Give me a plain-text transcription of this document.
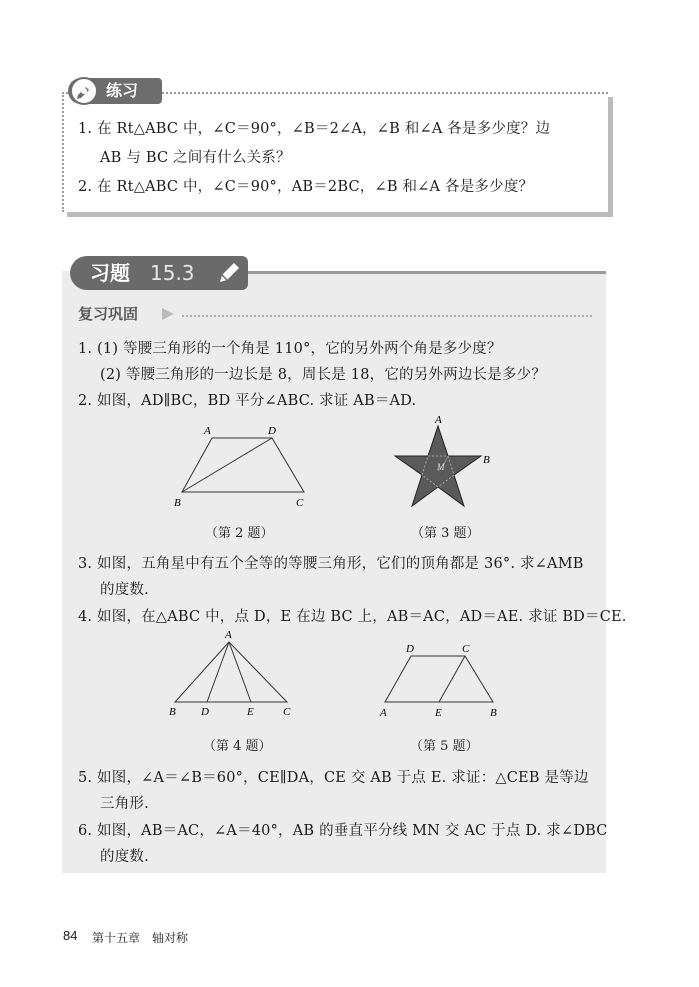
练习
1. 在 Rt△ABC 中，∠C＝90°，∠B＝2∠A，∠B 和∠A 各是多少度？边
AB 与 BC 之间有什么关系？
2. 在 Rt△ABC 中，∠C＝90°，AB＝2BC，∠B 和∠A 各是多少度？
习题 15.3
复习巩固
1. (1) 等腰三角形的一个角是 110°，它的另外两个角是多少度？
(2) 等腰三角形的一边长是 8，周长是 18，它的另外两边长是多少？
2. 如图，AD∥BC，BD 平分∠ABC. 求证 AB＝AD.
A	D
B	C
（第 2 题）
A
B
M
（第 3 题）
3. 如图，五角星中有五个全等的等腰三角形，它们的顶角都是 36°. 求∠AMB
的度数.
4. 如图，在△ABC 中，点 D，E 在边 BC 上，AB＝AC，AD＝AE. 求证 BD＝CE.
A
B D	E	C
（第 4 题）
D	C
A	E	B
（第 5 题）
5. 如图，∠A＝∠B＝60°，CE∥DA，CE 交 AB 于点 E. 求证：△CEB 是等边
三角形.
6. 如图，AB＝AC，∠A＝40°，AB 的垂直平分线 MN 交 AC 于点 D. 求∠DBC
的度数.
84 第十五章　轴对称
